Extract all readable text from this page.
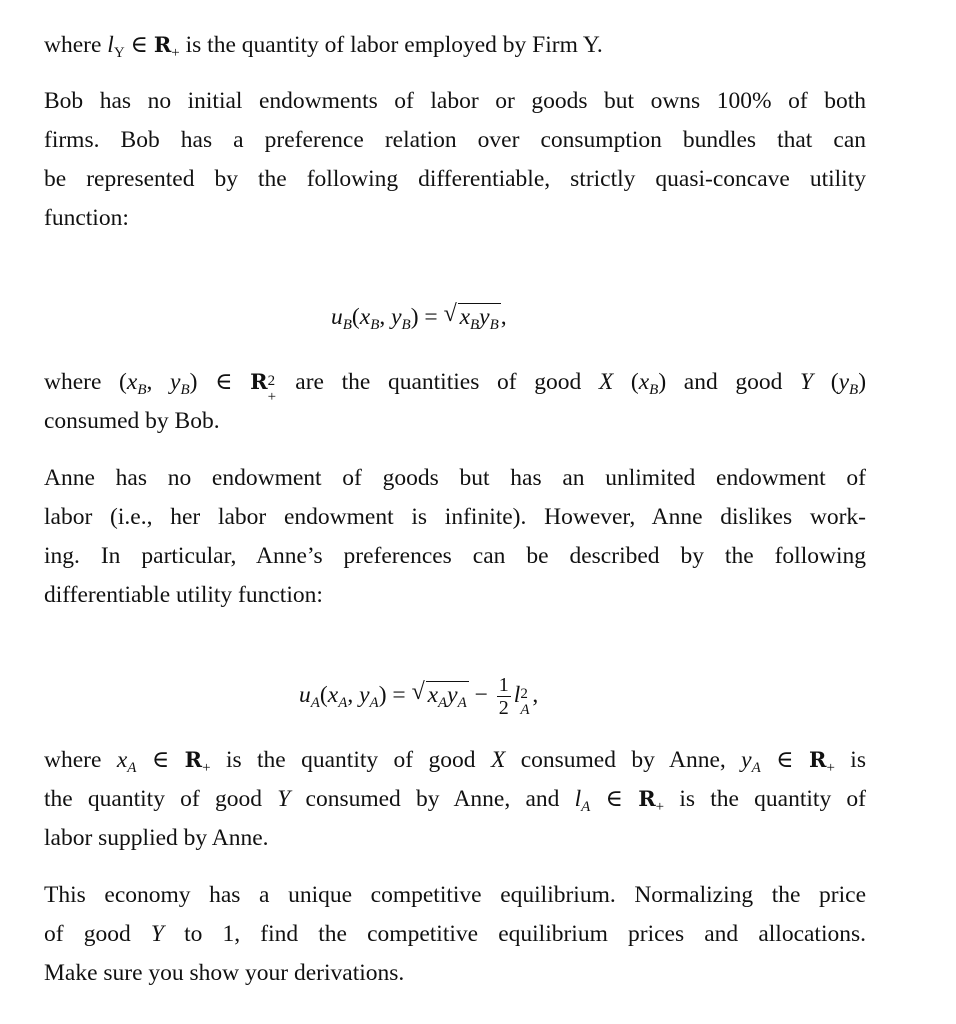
where $l_Y$ ∈ $R_+$ is the quantity of labor employed by Firm Y.
Bob has no initial endowments of labor or goods but owns 100% of both
firms. Bob has a preference relation over consumption bundles that can
be represented by the following differentiable, strictly quasi-concave utility
function:
$u_B(x_B$, $y_B$) = √ $x_By_B$,
where ($x_B$, $y_B$) ∈ R 2
+
are the quantities of good X $(x_B)$ and good Y $(y_B)$
consumed by Bob.
Anne has no endowment of goods but has an unlimited endowment of
labor (i.e., her labor endowment is infinite). However, Anne dislikes work-
ing. In particular, Anne’s preferences can be described by the following
differentiable utility function:
$u_A(x_A$, $y_A$) = √ $x_Ay_A - \frac{1}{2}$ l 2
A
,
where $x_A$ ∈ $R_+$ is the quantity of good X consumed by Anne, $y_A$ ∈ $R_+$ is
the quantity of good Y consumed by Anne, and $l_A$ ∈ $R_+$ is the quantity of
labor supplied by Anne.
This economy has a unique competitive equilibrium. Normalizing the price
of good Y to 1, find the competitive equilibrium prices and allocations.
Make sure you show your derivations.
